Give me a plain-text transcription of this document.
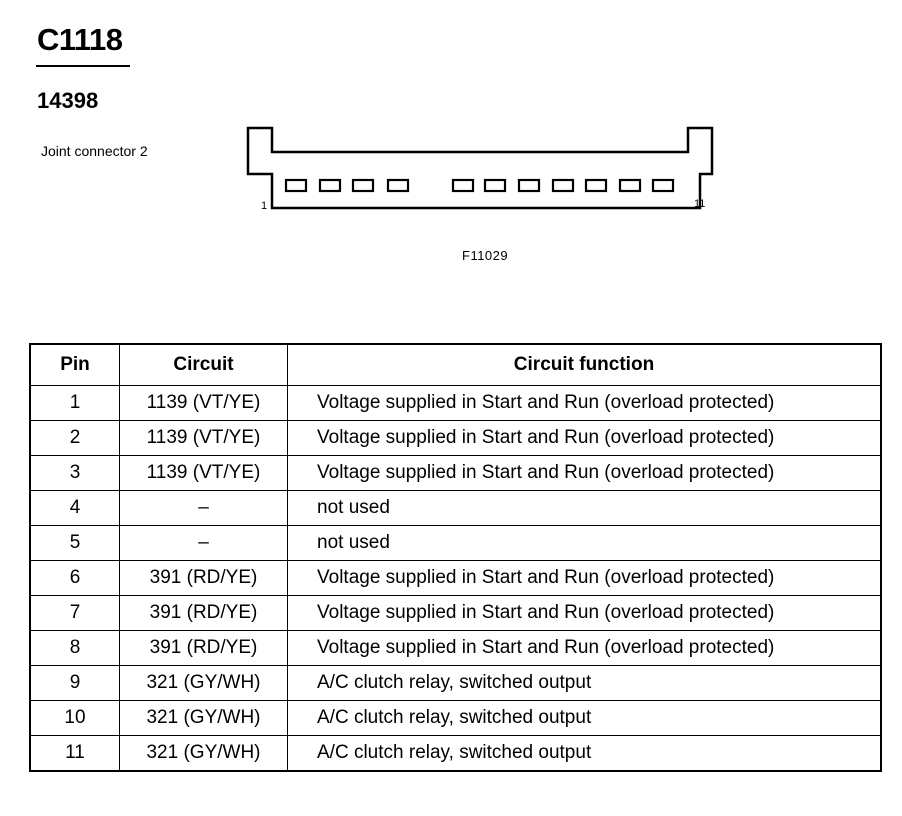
C1118
14398
Joint connector 2
1	11
F11029
Pin	Circuit	Circuit function
1	1139 (VT/YE)	Voltage supplied in Start and Run (overload protected)
2	1139 (VT/YE)	Voltage supplied in Start and Run (overload protected)
3	1139 (VT/YE)	Voltage supplied in Start and Run (overload protected)
4	–	not used
5	–	not used
6	391 (RD/YE)	Voltage supplied in Start and Run (overload protected)
7	391 (RD/YE)	Voltage supplied in Start and Run (overload protected)
8	391 (RD/YE)	Voltage supplied in Start and Run (overload protected)
9	321 (GY/WH)	A/C clutch relay, switched output
10	321 (GY/WH)	A/C clutch relay, switched output
11	321 (GY/WH)	A/C clutch relay, switched output
